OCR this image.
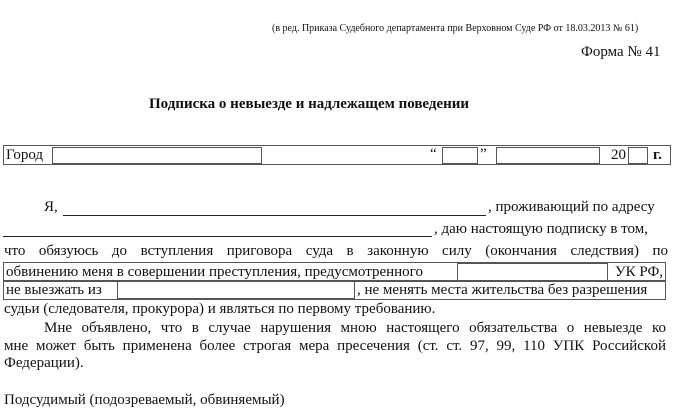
(в ред. Приказа Судебного департамента при Верховном Суде РФ от 18.03.2013 № 61)
Форма № 41
Подписка о невыезде и надлежащем поведении
Город	“	”	20 г.
Я,	, проживающий по адресу
, даю настоящую подписку в том,
что обязуюсь до вступления приговора суда в законную силу (окончания следствия) по
обвинению меня в совершении преступления, предусмотренного	УК РФ,
не выезжать из	, не менять места жительства без разрешения
судьи (следователя, прокурора) и являться по первому требованию.
Мне объявлено, что в случае нарушения мною настоящего обязательства о невыезде ко
мне может быть применена более строгая мера пресечения (ст. ст. 97, 99, 110 УПК Российской
Федерации).
Подсудимый (подозреваемый, обвиняемый)
